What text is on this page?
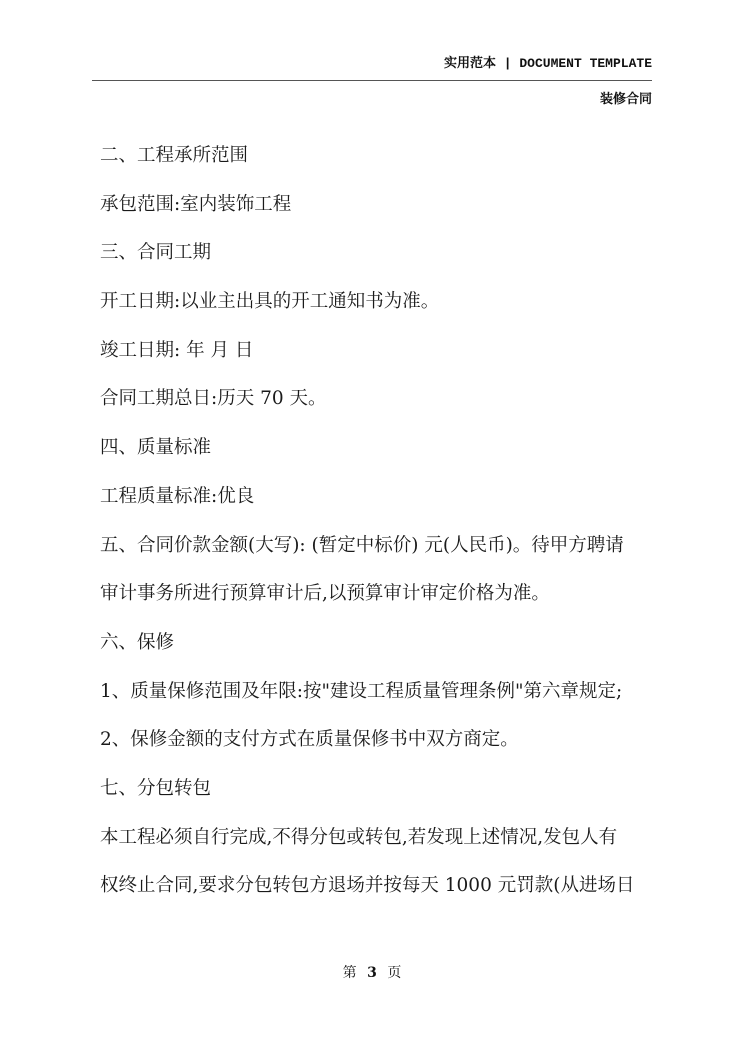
实用范本 | DOCUMENT TEMPLATE
装修合同
二、工程承所范围
承包范围:室内装饰工程
三、合同工期
开工日期:以业主出具的开工通知书为准。
竣工日期: 年 月 日
合同工期总日:历天 70 天。
四、质量标准
工程质量标准:优良
五、合同价款金额(大写): (暂定中标价) 元(人民币)。待甲方聘请
审计事务所进行预算审计后,以预算审计审定价格为准。
六、保修
1、质量保修范围及年限:按"建设工程质量管理条例"第六章规定;
2、保修金额的支付方式在质量保修书中双方商定。
七、分包转包
本工程必须自行完成,不得分包或转包,若发现上述情况,发包人有
权终止合同,要求分包转包方退场并按每天 1000 元罚款(从进场日
第 3 页
